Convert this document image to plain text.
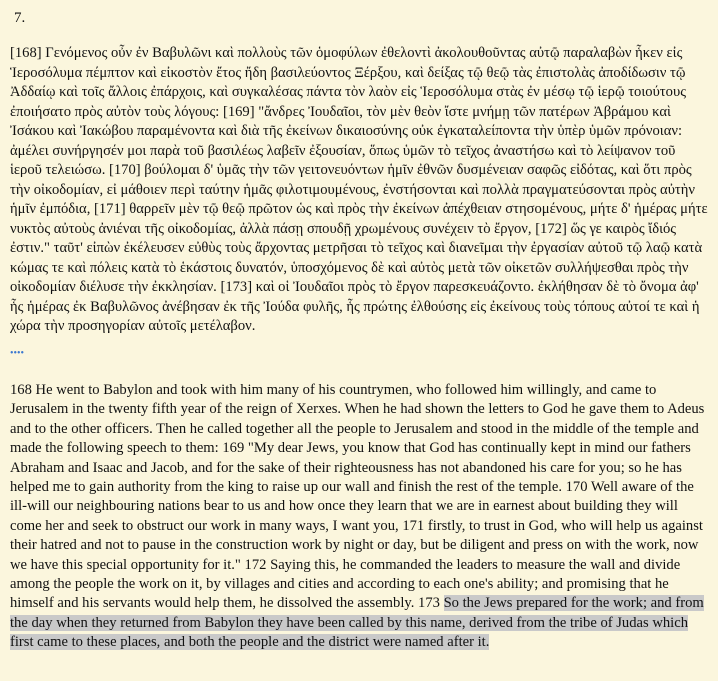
7.
[168] Γενόμενος οὖν ἐν Βαβυλῶνι καὶ πολλοὺς τῶν ὁμοφύλων ἐθελοντὶ ἀκολουθοῦντας αὐτῷ παραλαβὼν ἧκεν εἰς Ἱεροσόλυμα πέμπτον καὶ εἰκοστὸν ἔτος ἤδη βασιλεύοντος Ξέρξου, καὶ δείξας τῷ θεῷ τὰς ἐπιστολὰς ἀποδίδωσιν τῷ Ἀδδαίῳ καὶ τοῖς ἄλλοις ἐπάρχοις, καὶ συγκαλέσας πάντα τὸν λαὸν εἰς Ἱεροσόλυμα στὰς ἐν μέσῳ τῷ ἱερῷ τοιούτους ἐποιήσατο πρὸς αὐτὸν τοὺς λόγους: [169] "ἄνδρες Ἰουδαῖοι, τὸν μὲν θεὸν ἴστε μνήμῃ τῶν πατέρων Ἀβράμου καὶ Ἰσάκου καὶ Ἰακώβου παραμένοντα καὶ διὰ τῆς ἐκείνων δικαιοσύνης οὐκ ἐγκαταλείποντα τὴν ὑπὲρ ὑμῶν πρόνοιαν: ἀμέλει συνήργησέν μοι παρὰ τοῦ βασιλέως λαβεῖν ἐξουσίαν, ὅπως ὑμῶν τὸ τεῖχος ἀναστήσω καὶ τὸ λείψανον τοῦ ἱεροῦ τελειώσω. [170] βούλομαι δ' ὑμᾶς τὴν τῶν γειτονευόντων ἡμῖν ἐθνῶν δυσμένειαν σαφῶς εἰδότας, καὶ ὅτι πρὸς τὴν οἰκοδομίαν, εἰ μάθοιεν περὶ ταύτην ἡμᾶς φιλοτιμουμένους, ἐνστήσονται καὶ πολλὰ πραγματεύσονται πρὸς αὐτὴν ἡμῖν ἐμπόδια, [171] θαρρεῖν μὲν τῷ θεῷ πρῶτον ὡς καὶ πρὸς τὴν ἐκείνων ἀπέχθειαν στησομένους, μήτε δ' ἡμέρας μήτε νυκτὸς αὐτοὺς ἀνιέναι τῆς οἰκοδομίας, ἀλλὰ πάσῃ σπουδῇ χρωμένους συνέχειν τὸ ἔργον, [172] ὥς γε καιρὸς ἴδιός ἐστιν." ταῦτ' εἰπὼν ἐκέλευσεν εὐθὺς τοὺς ἄρχοντας μετρῆσαι τὸ τεῖχος καὶ διανεῖμαι τὴν ἐργασίαν αὐτοῦ τῷ λαῷ κατὰ κώμας τε καὶ πόλεις κατὰ τὸ ἑκάστοις δυνατόν, ὑποσχόμενος δὲ καὶ αὐτὸς μετὰ τῶν οἰκετῶν συλλήψεσθαι πρὸς τὴν οἰκοδομίαν διέλυσε τὴν ἐκκλησίαν. [173] καὶ οἱ Ἰουδαῖοι πρὸς τὸ ἔργον παρεσκευάζοντο. ἐκλήθησαν δὲ τὸ ὄνομα ἀφ' ἧς ἡμέρας ἐκ Βαβυλῶνος ἀνέβησαν ἐκ τῆς Ἰούδα φυλῆς, ἧς πρώτης ἐλθούσης εἰς ἐκείνους τοὺς τόπους αὐτοί τε καὶ ἡ χώρα τὴν προσηγορίαν αὐτοῖς μετέλαβον.
••••
168 He went to Babylon and took with him many of his countrymen, who followed him willingly, and came to Jerusalem in the twenty fifth year of the reign of Xerxes. When he had shown the letters to God he gave them to Adeus and to the other officers. Then he called together all the people to Jerusalem and stood in the middle of the temple and made the following speech to them: 169 "My dear Jews, you know that God has continually kept in mind our fathers Abraham and Isaac and Jacob, and for the sake of their righteousness has not abandoned his care for you; so he has helped me to gain authority from the king to raise up our wall and finish the rest of the temple. 170 Well aware of the ill-will our neighbouring nations bear to us and how once they learn that we are in earnest about building they will come her and seek to obstruct our work in many ways, I want you, 171 firstly, to trust in God, who will help us against their hatred and not to pause in the construction work by night or day, but be diligent and press on with the work, now we have this special opportunity for it." 172 Saying this, he commanded the leaders to measure the wall and divide among the people the work on it, by villages and cities and according to each one's ability; and promising that he himself and his servants would help them, he dissolved the assembly. 173 So the Jews prepared for the work; and from the day when they returned from Babylon they have been called by this name, derived from the tribe of Judas which first came to these places, and both the people and the district were named after it.
